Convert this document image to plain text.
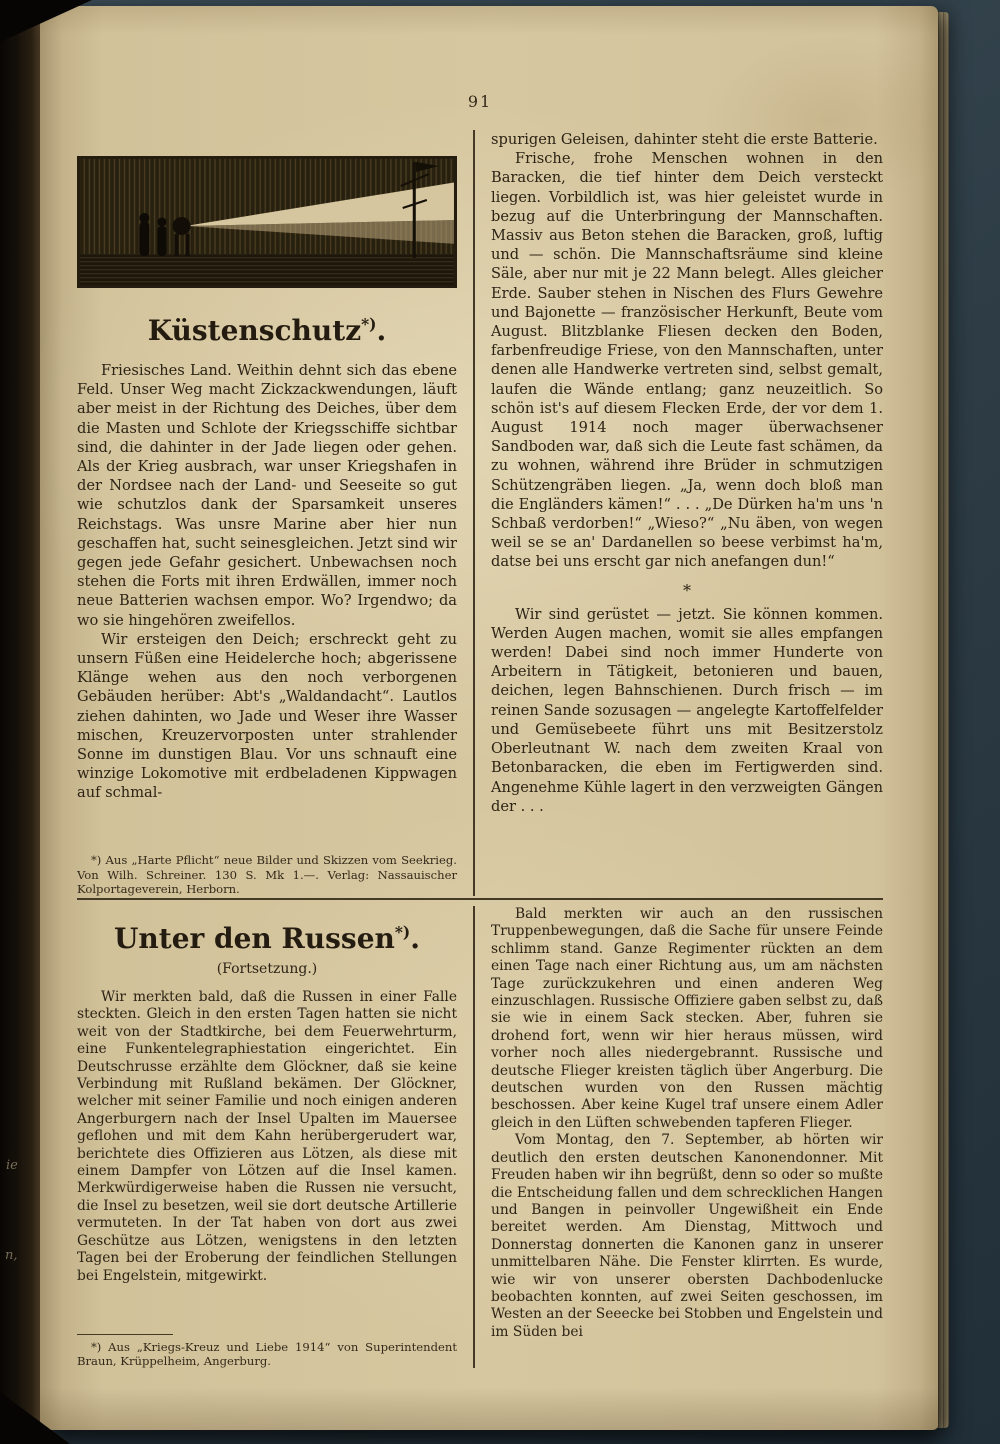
ie
n,
91
Küstenschutz*).

Friesisches Land. Weithin dehnt sich das ebene Feld. Unser Weg macht Zickzackwendungen, läuft aber meist in der Richtung des Deiches, über dem die Masten und Schlote der Kriegsschiffe sichtbar sind, die dahinter in der Jade liegen oder gehen. Als der Krieg ausbrach, war unser Kriegshafen in der Nordsee nach der Land- und Seeseite so gut wie schutzlos dank der Sparsamkeit unseres Reichstags. Was unsre Marine aber hier nun geschaffen hat, sucht seinesgleichen. Jetzt sind wir gegen jede Gefahr gesichert. Unbewachsen noch stehen die Forts mit ihren Erdwällen, immer noch neue Batterien wachsen empor. Wo? Irgendwo; da wo sie hingehören zweifellos.

Wir ersteigen den Deich; erschreckt geht zu unsern Füßen eine Heidelerche hoch; abgerissene Klänge wehen aus den noch verborgenen Gebäuden herüber: Abt's „Waldandacht“. Lautlos ziehen dahinten, wo Jade und Weser ihre Wasser mischen, Kreuzervorposten unter strahlender Sonne im dunstigen Blau. Vor uns schnauft eine winzige Lokomotive mit erdbeladenen Kippwagen auf schmal-

*) Aus „Harte Pflicht“ neue Bilder und Skizzen vom Seekrieg. Von Wilh. Schreiner. 130 S. Mk 1.—. Verlag: Nassauischer Kolportageverein, Herborn.

spurigen Geleisen, dahinter steht die erste Batterie.

Frische, frohe Menschen wohnen in den Baracken, die tief hinter dem Deich versteckt liegen. Vorbildlich ist, was hier geleistet wurde in bezug auf die Unterbringung der Mannschaften. Massiv aus Beton stehen die Baracken, groß, luftig und — schön. Die Mannschaftsräume sind kleine Säle, aber nur mit je 22 Mann belegt. Alles gleicher Erde. Sauber stehen in Nischen des Flurs Gewehre und Bajonette — französischer Herkunft, Beute vom August. Blitzblanke Fliesen decken den Boden, farbenfreudige Friese, von den Mannschaften, unter denen alle Handwerke vertreten sind, selbst gemalt, laufen die Wände entlang; ganz neuzeitlich. So schön ist's auf diesem Flecken Erde, der vor dem 1. August 1914 noch mager überwachsener Sandboden war, daß sich die Leute fast schämen, da zu wohnen, während ihre Brüder in schmutzigen Schützengräben liegen. „Ja, wenn doch bloß man die Engländers kämen!“ . . . „De Dürken ha'm uns 'n Schbaß verdorben!“ „Wieso?“ „Nu äben, von wegen weil se se an' Dardanellen so beese verbimst ha'm, datse bei uns erscht gar nich anefangen dun!“

*

Wir sind gerüstet — jetzt. Sie können kommen. Werden Augen machen, womit sie alles empfangen werden! Dabei sind noch immer Hunderte von Arbeitern in Tätigkeit, betonieren und bauen, deichen, legen Bahnschienen. Durch frisch — im reinen Sande sozusagen — angelegte Kartoffelfelder und Gemüsebeete führt uns mit Besitzerstolz Oberleutnant W. nach dem zweiten Kraal von Betonbaracken, die eben im Fertigwerden sind. Angenehme Kühle lagert in den verzweigten Gängen der . . .

Unter den Russen*).
(Fortsetzung.)

Wir merkten bald, daß die Russen in einer Falle steckten. Gleich in den ersten Tagen hatten sie nicht weit von der Stadtkirche, bei dem Feuerwehrturm, eine Funkentelegraphiestation eingerichtet. Ein Deutschrusse erzählte dem Glöckner, daß sie keine Verbindung mit Rußland bekämen. Der Glöckner, welcher mit seiner Familie und noch einigen anderen Angerburgern nach der Insel Upalten im Mauersee geflohen und mit dem Kahn herübergerudert war, berichtete dies Offizieren aus Lötzen, als diese mit einem Dampfer von Lötzen auf die Insel kamen. Merkwürdigerweise haben die Russen nie versucht, die Insel zu besetzen, weil sie dort deutsche Artillerie vermuteten. In der Tat haben von dort aus zwei Geschütze aus Lötzen, wenigstens in den letzten Tagen bei der Eroberung der feindlichen Stellungen bei Engelstein, mitgewirkt.

*) Aus „Kriegs-Kreuz und Liebe 1914“ von Superintendent Braun, Krüppelheim, Angerburg.

Bald merkten wir auch an den russischen Truppenbewegungen, daß die Sache für unsere Feinde schlimm stand. Ganze Regimenter rückten an dem einen Tage nach einer Richtung aus, um am nächsten Tage zurückzukehren und einen anderen Weg einzuschlagen. Russische Offiziere gaben selbst zu, daß sie wie in einem Sack stecken. Aber, fuhren sie drohend fort, wenn wir hier heraus müssen, wird vorher noch alles niedergebrannt. Russische und deutsche Flieger kreisten täglich über Angerburg. Die deutschen wurden von den Russen mächtig beschossen. Aber keine Kugel traf unsere einem Adler gleich in den Lüften schwebenden tapferen Flieger.

Vom Montag, den 7. September, ab hörten wir deutlich den ersten deutschen Kanonendonner. Mit Freuden haben wir ihn begrüßt, denn so oder so mußte die Entscheidung fallen und dem schrecklichen Hangen und Bangen in peinvoller Ungewißheit ein Ende bereitet werden. Am Dienstag, Mittwoch und Donnerstag donnerten die Kanonen ganz in unserer unmittelbaren Nähe. Die Fenster klirrten. Es wurde, wie wir von unserer obersten Dachbodenlucke beobachten konnten, auf zwei Seiten geschossen, im Westen an der Seeecke bei Stobben und Engelstein und im Süden bei
